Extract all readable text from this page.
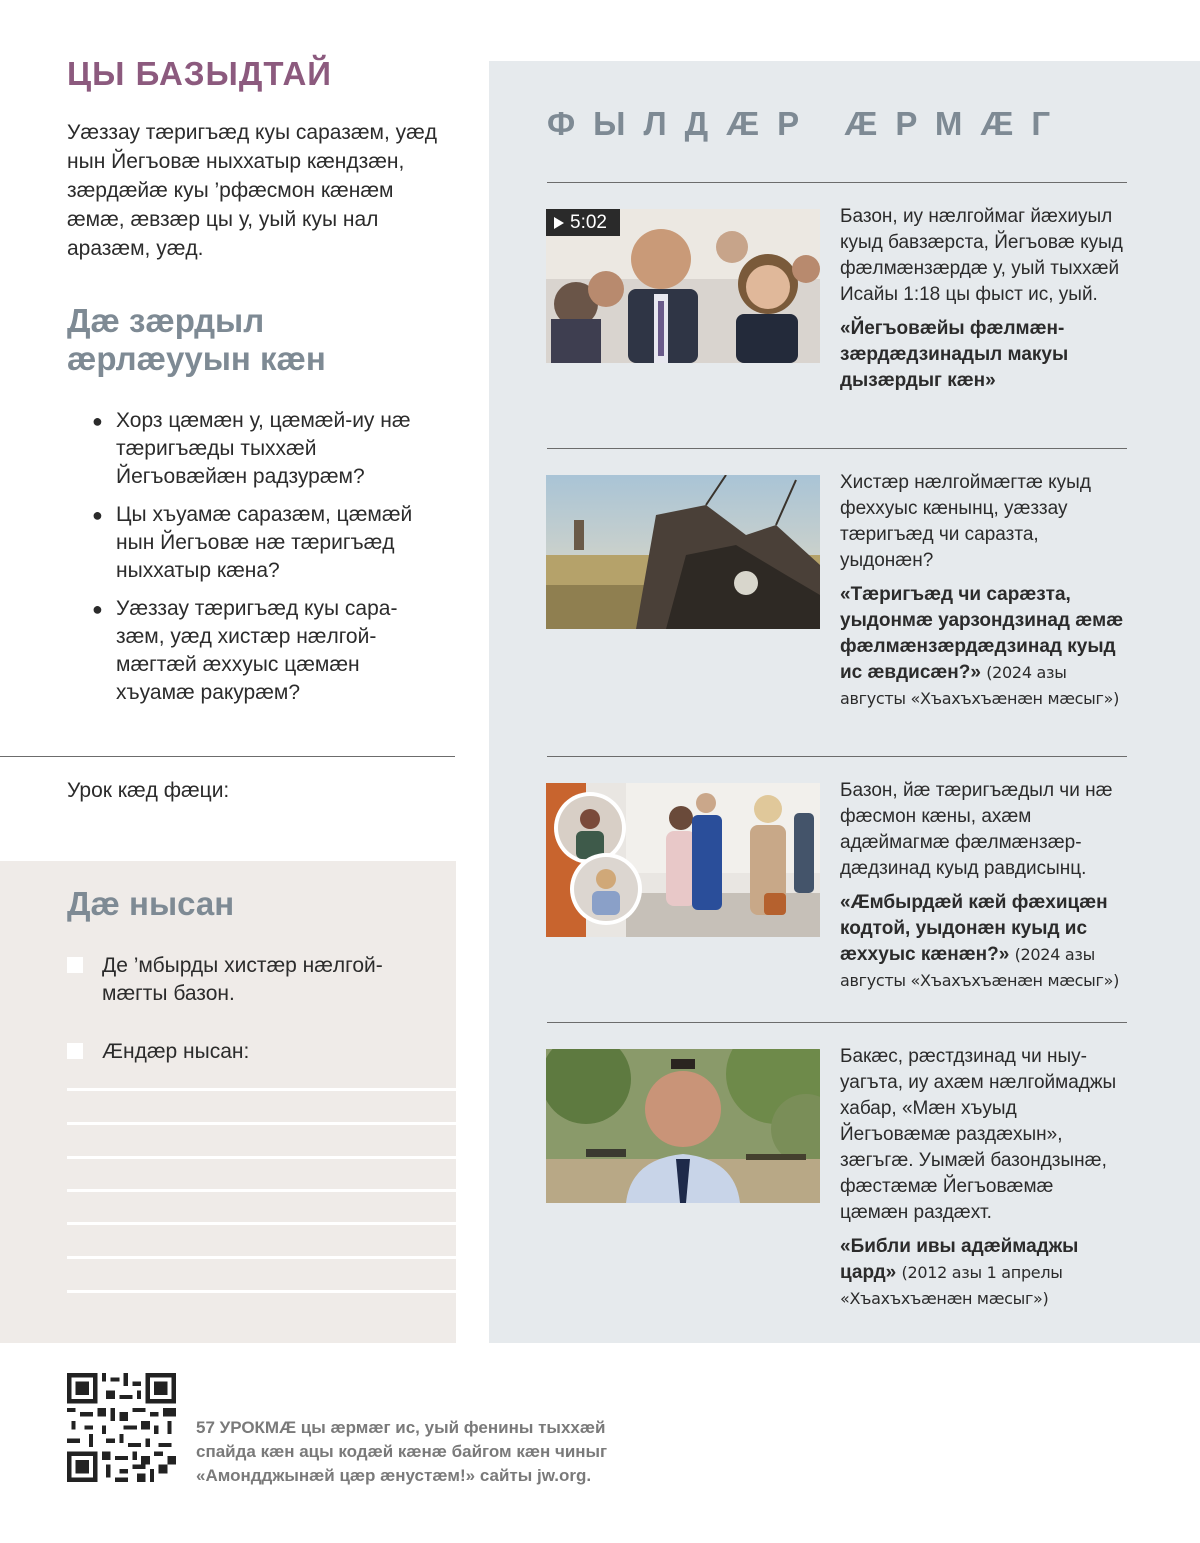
ЦЫ БАЗЫДТАЙ

Уæззау тæригъæд куы саразæм, уæд нын Йегъовæ ныххатыр кæндзæн, зæрдæйæ куы ’рфæсмон кæнæм æмæ, æвзæр цы у, уый куы нал аразæм, уæд.

Дæ зæрдыл æрлæууын кæн
● Хорз цæмæн у, цæмæй-иу нæ тæригъæды тыххæй Йегъовæйæн радзурæм?
● Цы хъуамæ саразæм, цæмæй нын Йегъовæ нæ тæригъæд ныххатыр кæна?
● Уæззау тæригъæд куы саразæм, уæд хистæр нæлгоймæгтæй æххуыс цæмæн хъуамæ ракурæм?
Урок кæд фæци:
Дæ нысан
Де ’мбырды хистæр нæлгоймæгты базон.
Æндæр нысан:
ФЫЛДÆР ÆРМÆГ
5:02	Базон, иу нæлгоймаг йæхиуыл куыд бавзæрста, Йегъовæ куыд фæлмæнзæрдæ у, уый тыххæй Исайы 1:18 цы фыст ис, уый.
«Йегъовæйы фæлмæнзæрдæдзинадыл макуы дызæрдыг кæн»
Хистæр нæлгоймæгтæ куыд феххуыс кæнынц, уæззау тæригъæд чи саразта, уыдонæн?
«Тæригъæд чи сарæзта, уыдонмæ уарзондзинад æмæ фæлмæнзæрдæдзинад куыд ис æвдисæн?» (2024 азы августы «Хъахъхъæнæн мæсыг»)
Базон, йæ тæригъæдыл чи нæ фæсмон кæны, ахæм адæймагмæ фæлмæнзæрдæдзинад куыд равдисынц.
«Æмбырдæй кæй фæхицæн кодтой, уыдонæн куыд ис æххуыс кæнæн?» (2024 азы августы «Хъахъхъæнæн мæсыг»)
Бакæс, рæстдзинад чи ныууагъта, иу ахæм нæлгоймаджы хабар, «Мæн хъуыд Йегъовæмæ раздæхын», зæгъгæ. Уымæй базондзынæ, фæстæмæ Йегъовæмæ цæмæн раздæхт.
«Библи ивы адæймаджы цард» (2012 азы 1 апрелы «Хъахъхъæнæн мæсыг»)

57 УРОКМÆ цы æрмæг ис, уый фенины тыххæй спайда кæн ацы кодæй кæнæ байгом кæн чиныг «Амондджынæй цæр æнустæм!» сайты jw.org.
